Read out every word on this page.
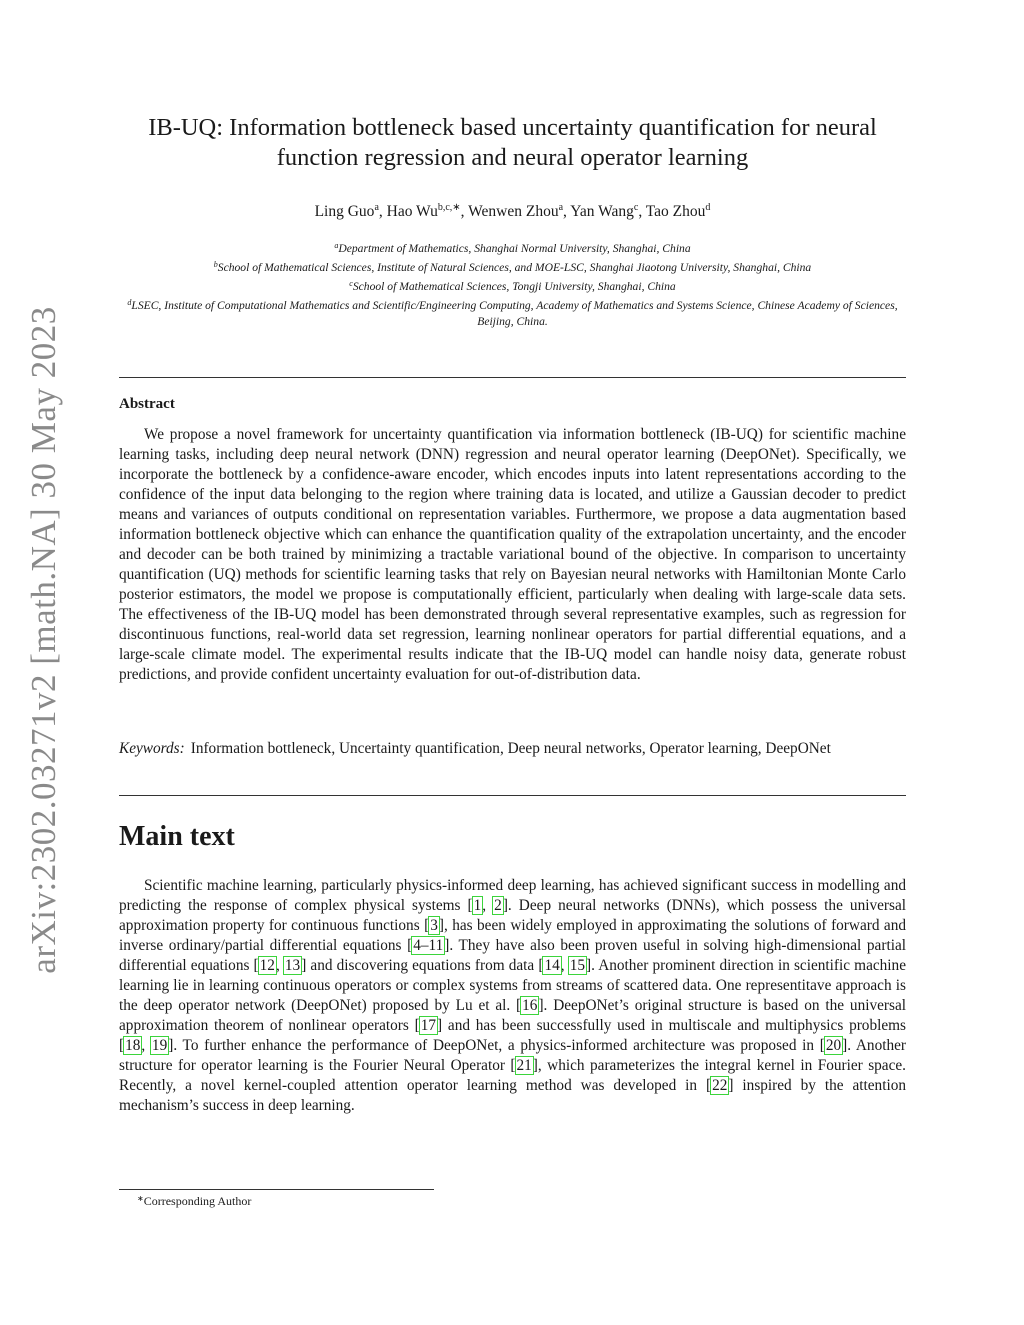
arXiv:2302.03271v2 [math.NA] 30 May 2023
IB-UQ: Information bottleneck based uncertainty quantification for neural
function regression and neural operator learning
Ling Guo$^a$, Hao $Wu^{b,c,∗}$, Wenwen Zhou$^a$, Yan Wang$^c$, Tao Zhou$^d$
$^a$Department of Mathematics, Shanghai Normal University, Shanghai, China
$^b$School of Mathematical Sciences, Institute of Natural Sciences, and MOE-LSC, Shanghai Jiaotong University, Shanghai, China
$^c$School of Mathematical Sciences, Tongji University, Shanghai, China
$^d$LSEC, Institute of Computational Mathematics and Scientific/Engineering Computing, Academy of Mathematics and Systems Science, Chinese Academy of Sciences, Beijing, China.
Abstract

We propose a novel framework for uncertainty quantification via information bottleneck (IB-UQ) for scientific machine learning tasks, including deep neural network (DNN) regression and neural operator learning (DeepONet). Specifically, we incorporate the bottleneck by a confidence-aware encoder, which encodes inputs into latent representations according to the confidence of the input data belonging to the region where training data is located, and utilize a Gaussian decoder to predict means and variances of outputs conditional on representation variables. Furthermore, we propose a data augmentation based information bottleneck objective which can enhance the quantification quality of the extrapolation uncertainty, and the encoder and decoder can be both trained by minimizing a tractable variational bound of the objective. In comparison to uncertainty quantification (UQ) methods for scientific learning tasks that rely on Bayesian neural networks with Hamiltonian Monte Carlo posterior estimators, the model we propose is computationally efficient, particularly when dealing with large-scale data sets. The effectiveness of the IB-UQ model has been demonstrated through several representative examples, such as regression for discontinuous functions, real-world data set regression, learning nonlinear operators for partial differential equations, and a large-scale climate model. The experimental results indicate that the IB-UQ model can handle noisy data, generate robust predictions, and provide confident uncertainty evaluation for out-of-distribution data.

Keywords: Information bottleneck, Uncertainty quantification, Deep neural networks, Operator learning, DeepONet

Main text

Scientific machine learning, particularly physics-informed deep learning, has achieved significant success in modelling and predicting the response of complex physical systems [1, 2]. Deep neural networks (DNNs), which possess the universal approximation property for continuous functions [3], has been widely employed in approximating the solutions of forward and inverse ordinary/partial differential equations [4–11]. They have also been proven useful in solving high-dimensional partial differential equations [12, 13] and discovering equations from data [14, 15]. Another prominent direction in scientific machine learning lie in learning continuous operators or complex systems from streams of scattered data. One representitave approach is the deep operator network (DeepONet) proposed by Lu et al. [16]. DeepONet’s original structure is based on the universal approximation theorem of nonlinear operators [17] and has been successfully used in multiscale and multiphysics problems [18, 19]. To further enhance the performance of DeepONet, a physics-informed architecture was proposed in [20]. Another structure for operator learning is the Fourier Neural Operator [21], which parameterizes the integral kernel in Fourier space. Recently, a novel kernel-coupled attention operator learning method was developed in [22] inspired by the attention mechanism’s success in deep learning.

∗Corresponding Author
